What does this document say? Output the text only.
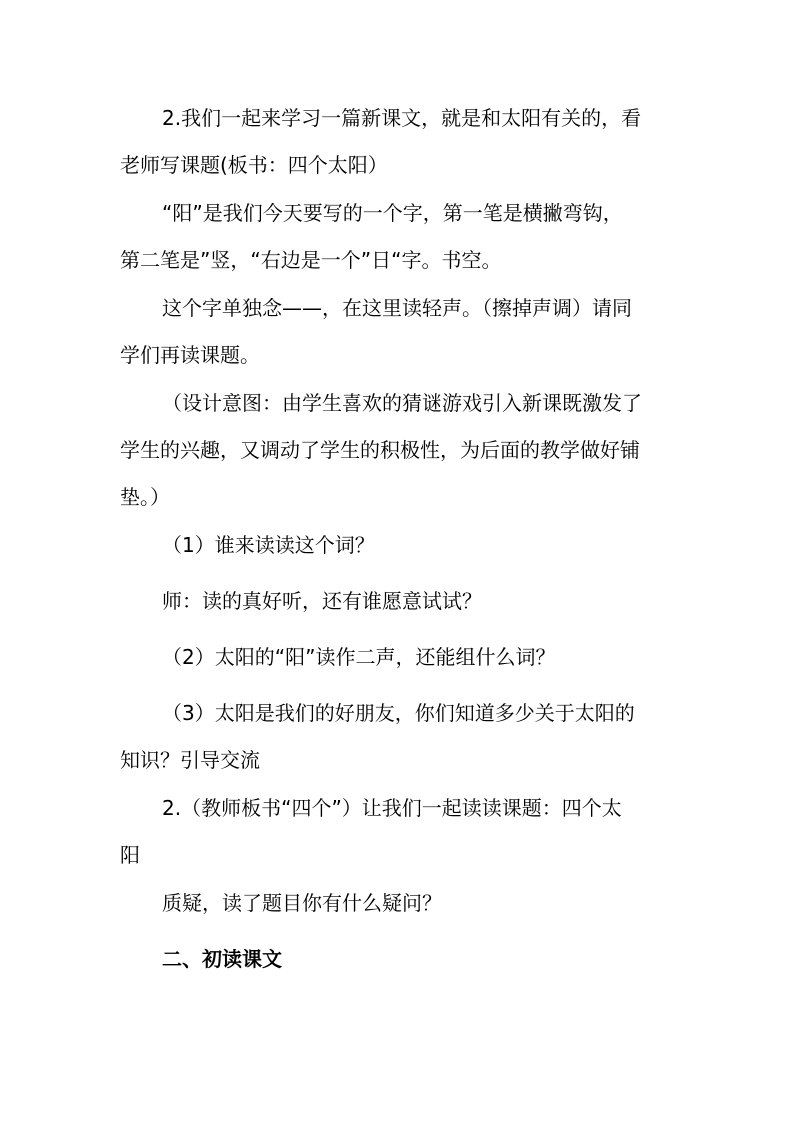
2.我们一起来学习一篇新课文，就是和太阳有关的，看
老师写课题(板书：四个太阳）
“阳”是我们今天要写的一个字，第一笔是横撇弯钩，
第二笔是”竖，“右边是一个”日“字。书空。
这个字单独念——，在这里读轻声。（擦掉声调）请同
学们再读课题。
（设计意图：由学生喜欢的猜谜游戏引入新课既激发了
学生的兴趣，又调动了学生的积极性，为后面的教学做好铺
垫。）
（1）谁来读读这个词？
师：读的真好听，还有谁愿意试试？
（2）太阳的“阳”读作二声，还能组什么词？
（3）太阳是我们的好朋友，你们知道多少关于太阳的
知识？引导交流
2.（教师板书“四个”）让我们一起读读课题：四个太
阳
质疑，读了题目你有什么疑问？
二、初读课文
